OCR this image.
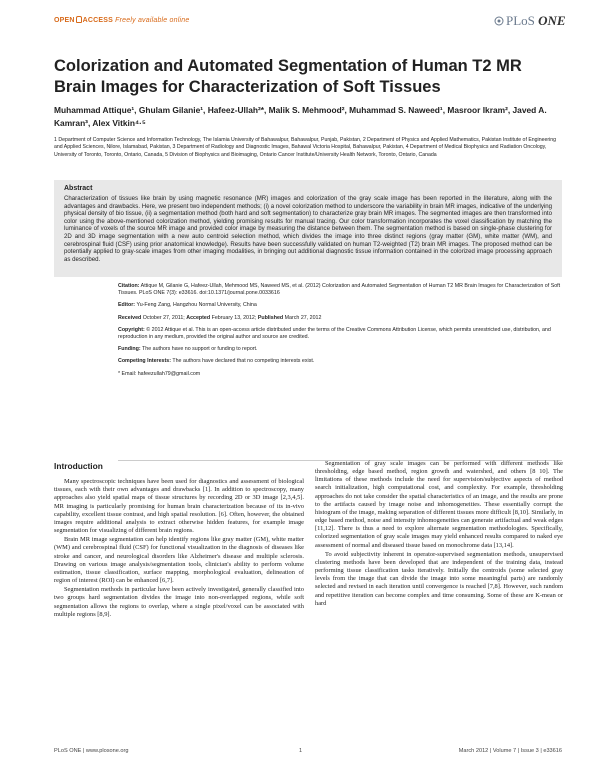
OPEN ACCESS Freely available online	PLoS ONE
Colorization and Automated Segmentation of Human T2 MR Brain Images for Characterization of Soft Tissues
Muhammad Attique¹, Ghulam Gilanie¹, Hafeez-Ullah²*, Malik S. Mehmood², Muhammad S. Naweed¹, Masroor Ikram², Javed A. Kamran³, Alex Vitkin⁴·⁵
1 Department of Computer Science and Information Technology, The Islamia University of Bahawalpur, Bahawalpur, Punjab, Pakistan, 2 Department of Physics and Applied Mathematics, Pakistan Institute of Engineering and Applied Sciences, Nilore, Islamabad, Pakistan, 3 Department of Radiology and Diagnostic Images, Bahawal Victoria Hospital, Bahawalpur, Pakistan, 4 Department of Medical Biophysics and Radiation Oncology, University of Toronto, Toronto, Ontario, Canada, 5 Division of Biophysics and Bioimaging, Ontario Cancer Institute/University Health Network, Toronto, Ontario, Canada
Abstract

Characterization of tissues like brain by using magnetic resonance (MR) images and colorization of the gray scale image has been reported in the literature, along with the advantages and drawbacks. Here, we present two independent methods; (i) a novel colorization method to underscore the variability in brain MR images, indicative of the underlying physical density of bio tissue, (ii) a segmentation method (both hard and soft segmentation) to characterize gray brain MR images. The segmented images are then transformed into color using the above-mentioned colorization method, yielding promising results for manual tracing. Our color transformation incorporates the voxel classification by matching the luminance of voxels of the source MR image and provided color image by measuring the distance between them. The segmentation method is based on single-phase clustering for 2D and 3D image segmentation with a new auto centroid selection method, which divides the image into three distinct regions (gray matter (GM), white matter (WM), and cerebrospinal fluid (CSF) using prior anatomical knowledge). Results have been successfully validated on human T2-weighted (T2) brain MR images. The proposed method can be potentially applied to gray-scale images from other imaging modalities, in bringing out additional diagnostic tissue information contained in the colorized image processing approach as described.

Citation: Attique M, Gilanie G, Hafeez-Ullah, Mehmood MS, Naweed MS, et al. (2012) Colorization and Automated Segmentation of Human T2 MR Brain Images for Characterization of Soft Tissues. PLoS ONE 7(3): e33616. doi:10.1371/journal.pone.0033616
Editor: Yu-Feng Zang, Hangzhou Normal University, China
Received October 27, 2011; Accepted February 13, 2012; Published March 27, 2012
Copyright: © 2012 Attique et al. This is an open-access article distributed under the terms of the Creative Commons Attribution License, which permits unrestricted use, distribution, and reproduction in any medium, provided the original author and source are credited.
Funding: The authors have no support or funding to report.
Competing Interests: The authors have declared that no competing interests exist.
* Email: hafeezullah79@gmail.com
Introduction

Many spectroscopic techniques have been used for diagnostics and assessment of biological tissues, each with their own advantages and drawbacks [1]. In addition to spectroscopy, many approaches also yield spatial maps of tissue structures by recording 2D or 3D image [2,3,4,5]. MR imaging is particularly promising for human brain characterization because of its in-vivo capability, excellent tissue contrast, and high spatial resolution. [6]. Often, however, the obtained images require additional analysis to extract otherwise hidden features, for example image segmentation for visualizing of different brain regions.

Brain MR image segmentation can help identify regions like gray matter (GM), white matter (WM) and cerebrospinal fluid (CSF) for functional visualization in the diagnosis of diseases like stroke and cancer, and neurological disorders like Alzheimer's disease and multiple sclerosis. Drawing on various image analysis/segmentation tools, clinician's ability to perform volume estimation, tissue classification, surface mapping, morphological evaluation, delineation of region of interest (ROI) can be enhanced [6,7].

Segmentation methods in particular have been actively investigated, generally classified into two groups hard segmentation divides the image into non-overlapped regions, while soft segmentation allows the regions to overlap, where a single pixel/voxel can be associated with multiple regions [8,9].

Segmentation of gray scale images can be performed with different methods like thresholding, edge based method, region growth and watershed, and others [8 10]. The limitations of these methods include the need for supervision/subjective aspects of method search initialization, high computational cost, and complexity. For example, thresholding approaches do not take consider the spatial characteristics of an image, and the results are prone to the artifacts caused by image noise and inhomogeneities. These essentially corrupt the histogram of the image, making separation of different tissues more difficult [8,10]. Similarly, in edge based method, noise and intensity inhomogeneities can generate artifactual and weak edges [11,12]. There is thus a need to explore alternate segmentation methodologies. Specifically, colorized segmentation of gray scale images may yield enhanced results compared to naked eye assessment of normal and diseased tissue based on monochrome data [13,14].

To avoid subjectivity inherent in operator-supervised segmentation methods, unsupervised clustering methods have been developed that are independent of the training data, instead performing tissue classification tasks iteratively. Initially the centroids (some selected gray levels from the image that can divide the image into some meaningful parts) are randomly selected and revised in each iteration until convergence is reached [7,8]. However, such random and repetitive iteration can become complex and time consuming. Some of these are K-mean or hard

PLoS ONE | www.plosone.org	1	March 2012 | Volume 7 | Issue 3 | e33616
